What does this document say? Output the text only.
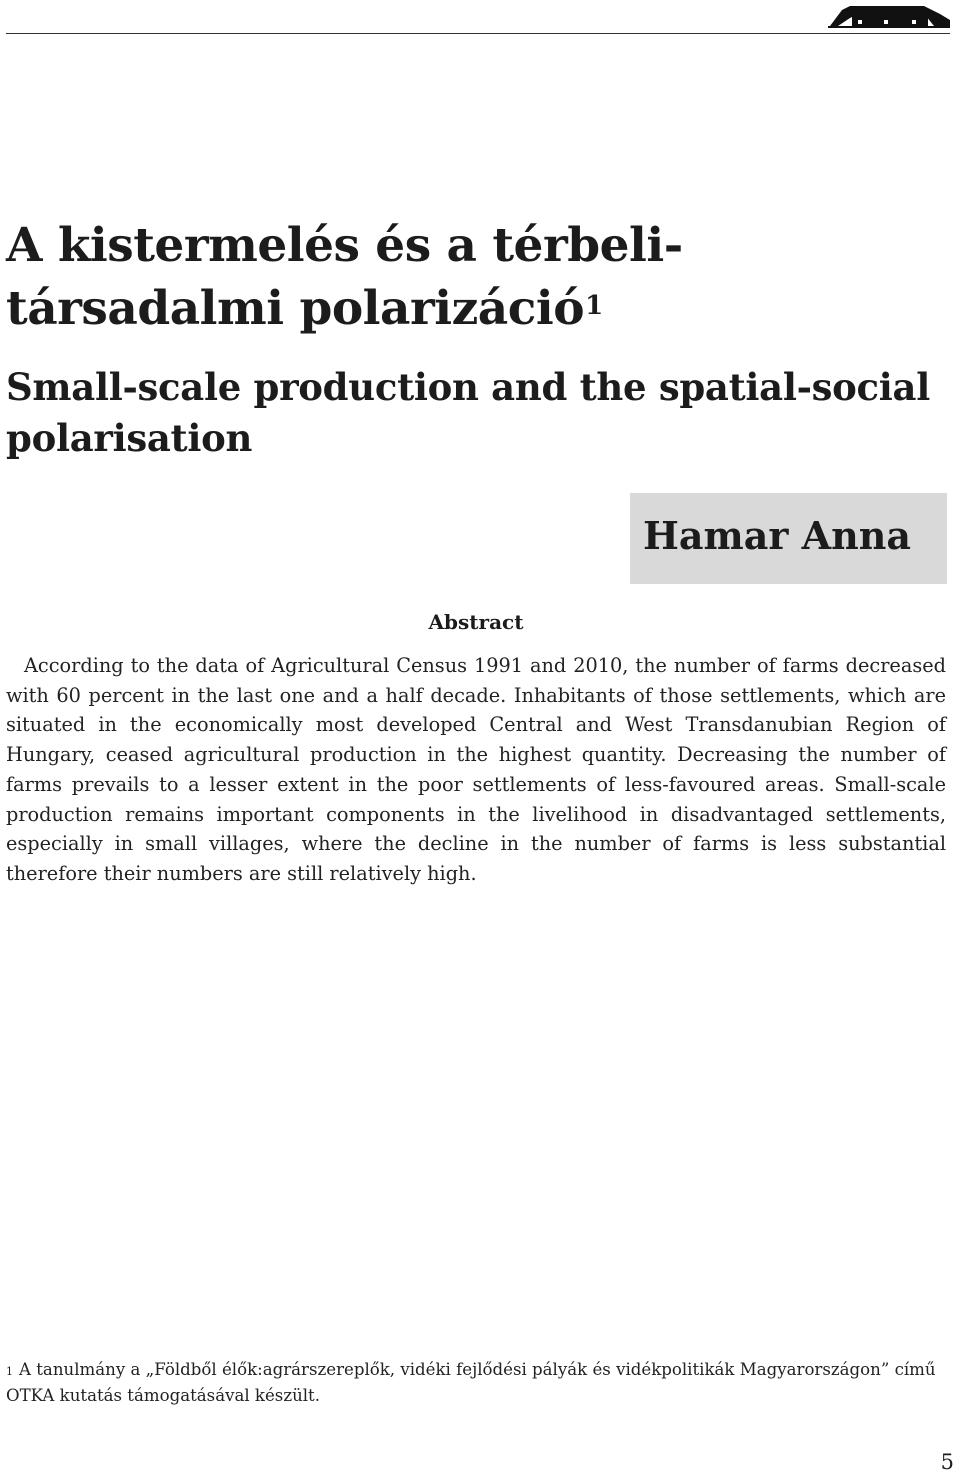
A kistermelés és a térbeli-társadalmi polarizáció$^1$
Small-scale production and the spatial-social polarisation
Hamar Anna
Abstract

According to the data of Agricultural Census 1991 and 2010, the number of farms decreased with 60 percent in the last one and a half decade. Inhabitants of those settlements, which are situated in the economically most developed Central and West Transdanubian Region of Hungary, ceased agricultural production in the highest quantity. Decreasing the number of farms prevails to a lesser extent in the poor settlements of less-favoured areas. Small-scale production remains important components in the livelihood in disadvantaged settlements, especially in small villages, where the decline in the number of farms is less substantial therefore their numbers are still relatively high.

$^1$ A tanulmány a „Földből élők:agrárszereplők, vidéki fejlődési pályák és vidékpolitikák Magyarországon” című OTKA kutatás támogatásával készült.

5
